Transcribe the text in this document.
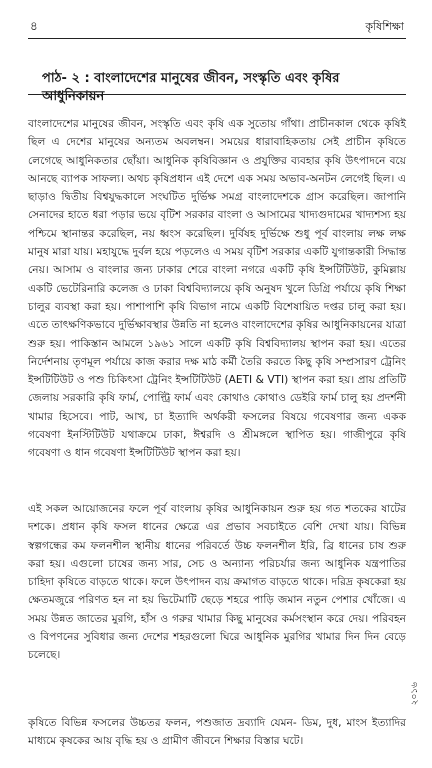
৪	কৃষিশিক্ষা
পাঠ- ২ : বাংলাদেশের মানুষের জীবন, সংস্কৃতি এবং কৃষির আধুনিকায়ন

বাংলাদেশের মানুষের জীবন, সংস্কৃতি এবং কৃষি এক সুতোয় গাঁথা। প্রাচীনকাল থেকে কৃষিই ছিল এ দেশের মানুষের অন্যতম অবলম্বন। সময়ের ধারাবাহিকতায় সেই প্রাচীন কৃষিতে লেগেছে আধুনিকতার ছোঁয়া। আধুনিক কৃষিবিজ্ঞান ও প্রযুক্তির ব্যবহার কৃষি উৎপাদনে বয়ে আনছে ব্যাপক সাফল্য। অথচ কৃষিপ্রধান এই দেশে এক সময় অভাব-অনটন লেগেই ছিল। এ ছাড়াও দ্বিতীয় বিশ্বযুদ্ধকালে সংঘটিত দুর্ভিক্ষ সমগ্র বাংলাদেশকে গ্রাস করেছিল। জাপানি সেনাদের হাতে ধরা পড়ার ভয়ে বৃটিশ সরকার বাংলা ও আসামের খাদ্যগুদামের খাদ্যশস্য হয় পশ্চিমে স্থানান্তর করেছিল, নয় ধ্বংস করেছিল। দুর্বিষহ দুর্ভিক্ষে শুধু পূর্ব বাংলায় লক্ষ লক্ষ মানুষ মারা যায়। মহাযুদ্ধে দুর্বল হয়ে পড়লেও এ সময় বৃটিশ সরকার একটি যুগান্তকারী সিদ্ধান্ত নেয়। আসাম ও বাংলার জন্য ঢাকার শেরে বাংলা নগরে একটি কৃষি ইন্সটিটিউট, কুমিল্লায় একটি ভেটেরিনারি কলেজ ও ঢাকা বিশ্ববিদ্যালয়ে কৃষি অনুষদ খুলে ডিগ্রি পর্যায়ে কৃষি শিক্ষা চালুর ব্যবস্থা করা হয়। পাশাপাশি কৃষি বিভাগ নামে একটি বিশেষায়িত দপ্তর চালু করা হয়। এতে তাৎক্ষণিকভাবে দুর্ভিক্ষাবস্থার উন্নতি না হলেও বাংলাদেশের কৃষির আধুনিকায়নের যাত্রা শুরু হয়। পাকিস্তান আমলে ১৯৬১ সালে একটি কৃষি বিশ্ববিদ্যালয় স্থাপন করা হয়। এতের নির্দেশনায় তৃণমূল পর্যায়ে কাজ করার দক্ষ মাঠ কর্মী তৈরি করতে কিছু কৃষি সম্প্রসারণ ট্রেনিং ইন্সটিটিউট ও পশু চিকিৎসা ট্রেনিং ইন্সটিটিউট (AETI & VTI) স্থাপন করা হয়। প্রায় প্রতিটি জেলায় সরকারি কৃষি ফার্ম, পোল্ট্রি ফার্ম এবং কোথাও কোথাও ডেইরি ফার্ম চালু হয় প্রদর্শনী খামার হিসেবে। পাট, আখ, চা ইত্যাদি অর্থকরী ফসলের বিষয়ে গবেষণার জন্য একক গবেষণা ইনস্টিটিউট যথাক্রমে ঢাকা, ঈশ্বরদি ও শ্রীমঙ্গলে স্থাপিত হয়। গাজীপুরে কৃষি গবেষণা ও ধান গবেষণা ইন্সটিটিউট স্থাপন করা হয়।

এই সকল আয়োজনের ফলে পূর্ব বাংলায় কৃষির আধুনিকায়ন শুরু হয় গত শতকের ষাটের দশকে। প্রধান কৃষি ফসল ধানের ক্ষেত্রে এর প্রভাব সবচাইতে বেশি দেখা যায়। বিভিন্ন স্বল্পগন্ধের কম ফলনশীল স্থানীয় ধানের পরিবর্তে উচ্চ ফলনশীল ইরি, ব্রি ধানের চাষ শুরু করা হয়। এগুলো চাষের জন্য সার, সেচ ও অন্যান্য পরিচর্যার জন্য আধুনিক যন্ত্রপাতির চাহিদা কৃষিতে বাড়তে থাকে। ফলে উৎপাদন ব্যয় ক্রমাগত বাড়তে থাকে। দরিদ্র কৃষকেরা হয় ক্ষেতমজুরে পরিণত হন না হয় ভিটেমাটি ছেড়ে শহরে পাড়ি জমান নতুন পেশার খোঁজে। এ সময় উন্নত জাতের মুরগি, হাঁস ও গরুর খামার কিছু মানুষের কর্মসংস্থান করে দেয়। পরিবহন ও বিপণনের সুবিধার জন্য দেশের শহরগুলো ঘিরে আধুনিক মুরগির খামার দিন দিন বেড়ে চলেছে।

কৃষিতে বিভিন্ন ফসলের উচ্চতর ফলন, পশুজাত দ্রব্যাদি যেমন- ডিম, দুধ, মাংস ইত্যাদির মাধ্যমে কৃষকের আয় বৃদ্ধি হয় ও গ্রামীণ জীবনে শিক্ষার বিস্তার ঘটে।

২০১৬
